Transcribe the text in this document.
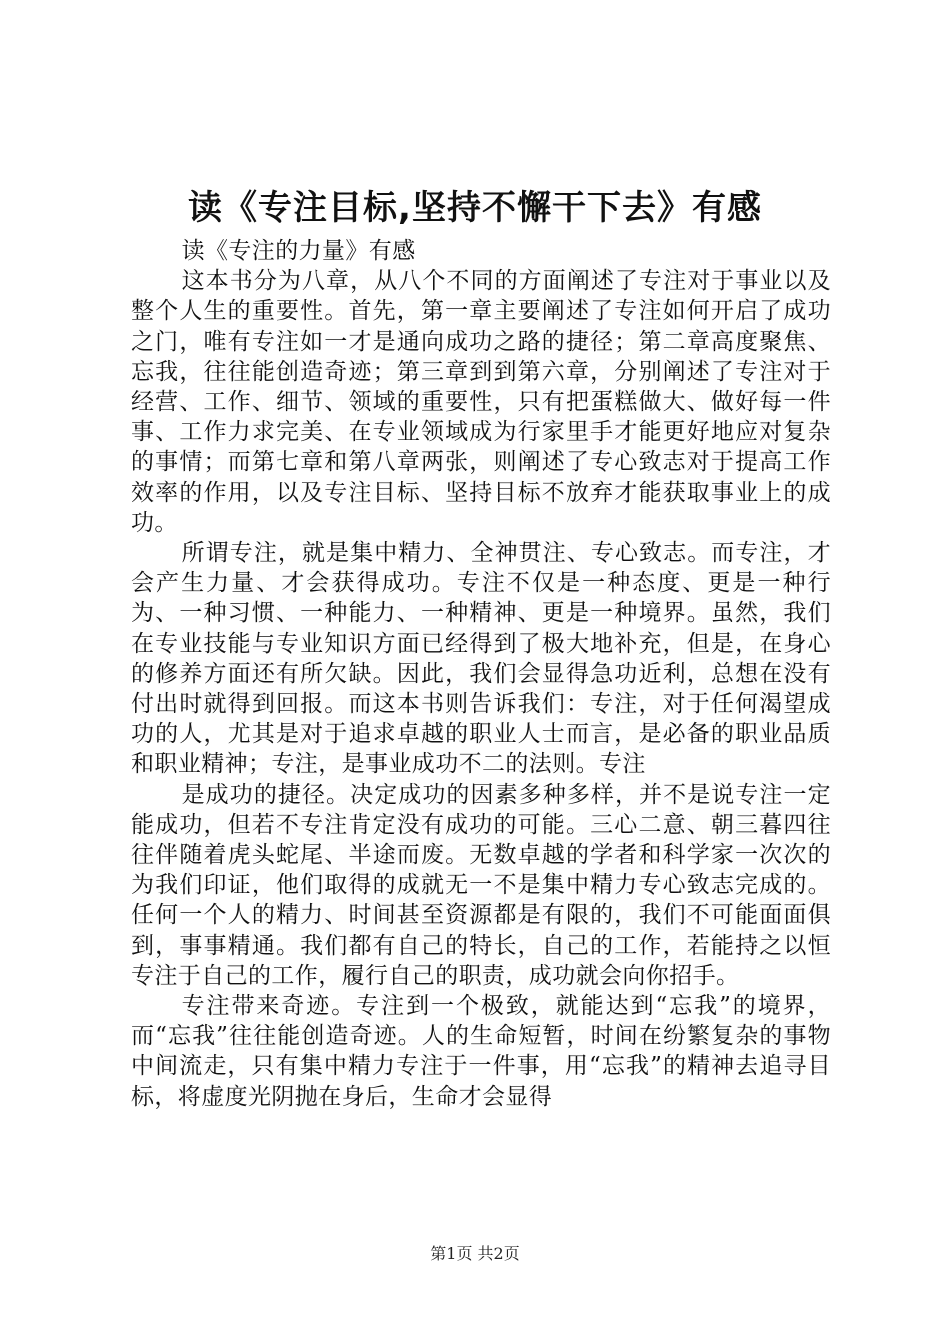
读《专注目标,坚持不懈干下去》有感

读《专注的力量》有感

这本书分为八章，从八个不同的方面阐述了专注对于事业以及整个人生的重要性。首先，第一章主要阐述了专注如何开启了成功之门，唯有专注如一才是通向成功之路的捷径；第二章高度聚焦、忘我，往往能创造奇迹；第三章到到第六章，分别阐述了专注对于经营、工作、细节、领域的重要性，只有把蛋糕做大、做好每一件事、工作力求完美、在专业领域成为行家里手才能更好地应对复杂的事情；而第七章和第八章两张，则阐述了专心致志对于提高工作效率的作用，以及专注目标、坚持目标不放弃才能获取事业上的成功。

所谓专注，就是集中精力、全神贯注、专心致志。而专注，才会产生力量、才会获得成功。专注不仅是一种态度、更是一种行为、一种习惯、一种能力、一种精神、更是一种境界。虽然，我们在专业技能与专业知识方面已经得到了极大地补充，但是，在身心的修养方面还有所欠缺。因此，我们会显得急功近利，总想在没有付出时就得到回报。而这本书则告诉我们：专注，对于任何渴望成功的人，尤其是对于追求卓越的职业人士而言，是必备的职业品质和职业精神；专注，是事业成功不二的法则。专注

是成功的捷径。决定成功的因素多种多样，并不是说专注一定能成功，但若不专注肯定没有成功的可能。三心二意、朝三暮四往往伴随着虎头蛇尾、半途而废。无数卓越的学者和科学家一次次的为我们印证，他们取得的成就无一不是集中精力专心致志完成的。任何一个人的精力、时间甚至资源都是有限的，我们不可能面面俱到，事事精通。我们都有自己的特长，自己的工作，若能持之以恒专注于自己的工作，履行自己的职责，成功就会向你招手。

专注带来奇迹。专注到一个极致，就能达到“忘我”的境界，而“忘我”往往能创造奇迹。人的生命短暂，时间在纷繁复杂的事物中间流走，只有集中精力专注于一件事，用“忘我”的精神去追寻目标，将虚度光阴抛在身后，生命才会显得

第1页 共2页
